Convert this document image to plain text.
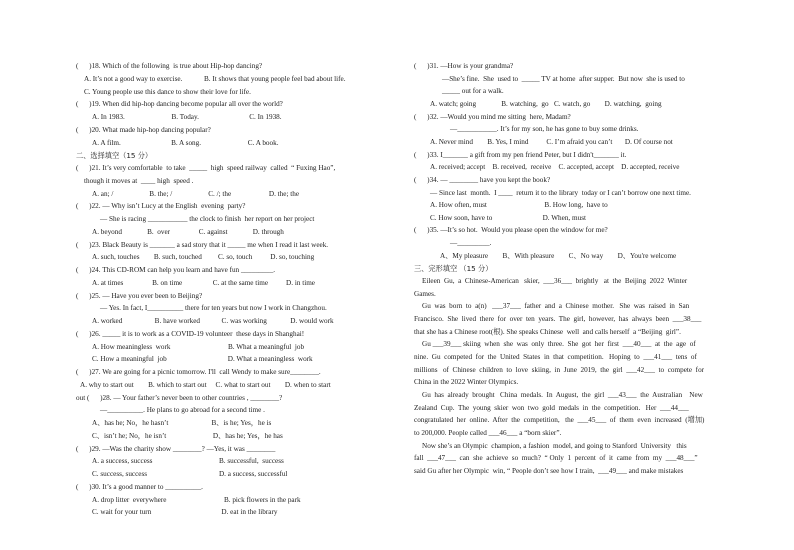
(      )18. Which of the following  is true about Hip-hop dancing?
A. It’s not a good way to exercise.            B. It shows that young people feel bad about life.
C. Young people use this dance to show their love for life.
(      )19. When did hip-hop dancing become popular all over the world?
A. In 1983.                          B. Today.                            C. In 1938.
(      )20. What made hip-hop dancing popular?
A. A film.                            B. A song.                          C. A book.
二、选择填空（15 分）
(      )21. It’s very comfortable  to take  _____  high  speed railway  called  “ Fuxing Hao”,
though it moves at  ____ high  speed .
A. an; /                    B. the; /                    C. /; the                     D. the; the
(      )22. — Why isn’t Lucy at the English  evening  party?
— She is racing ___________ the clock to finish  her report on her project
A. beyond              B.  over                C. against              D. through
(      )23. Black Beauty is _______ a sad story that it _____ me when I read it last week.
A. such, touches        B. such, touched         C. so, touch          D. so, touching
(      )24. This CD-ROM can help you learn and have fun _________.
A. at times                B. on time                 C. at the same time          D. in time
(      )25. — Have you ever been to Beijing?
— Yes. In fact, I__________ there for ten years but now I work in Changzhou.
A. worked                  B. have worked            C. was working             D. would work
(      )26. _____ it is to work as a COVID-19 volunteer  these days in Shanghai!
A. How meaningless  work                                B. What a meaningful  job
C. How a meaningful  job                                  D. What a meaningless  work
(      )27. We are going for a picnic tomorrow. I'll  call Wendy to make sure________.
A. why to start out        B. which to start out     C. what to start out        D. when to start
out (      )28. — Your father’s never been to other countries , ________?
—__________. He plans to go abroad for a second time .
A、has he; No，he hasn’t                        B、is he; Yes，he is
C、isn’t he; No，he isn’t                          D、has he; Yes，he has
(      )29. —Was the charity show ________? —Yes, it was ________
A. a success, success                                     B. successful,  success
C. success, success                                        D. a success, successful
(      )30. It’s a good manner to __________.
A. drop litter  everywhere                                B. pick flowers in the park
C. wait for your turn                                       D. eat in the library
(      )31. —How is your grandma?
—She’s fine.  She  used to  _____ TV at home  after supper.  But now  she is used to
_____ out for a walk.
A. watch; going              B. watching,  go   C. watch, go        D. watching,  going
(      )32. —Would you mind me sitting  here, Madam?
—___________. It’s for my son, he has gone to buy some drinks.
A. Never mind        B. Yes, I mind          C. I’m afraid you can’t       D. Of course not
(      )33. I_______ a gift from my pen friend Peter, but I didn't_______ it.
A. received; accept    B. received,  receive    C. accepted, accept    D. accepted, receive
(      )34. — ________ have you kept the book?
— Since last  month.  I ____  return it to the library  today or I can’t borrow one next time.
A. How often, must                                B. How long,  have to
C. How soon, have to                            D. When, must
(      )35. —It’s so hot.  Would you please open the window for me?
—_________.
A、My pleasure        B、With pleasure        C、No way        D、You're welcome
三、完形填空 （15 分）
Eileen  Gu,  a  Chinese-American   skier,  ___36___  brightly   at  the  Beijing  2022  Winter
Games.
Gu  was  born  to  a(n)   ___37___  father  and  a  Chinese  mother.   She  was  raised  in  San
Francisco.  She  lived  there  for  over  ten  years.  The  girl,  however,  has  always  been  ___38___
that she has a Chinese root(根). She speaks Chinese  well  and calls herself  a “Beijing  girl”.
Gu ___39___ skiing  when  she  was  only  three.  She  got  her  first  ___40___  at  the  age  of
nine.  Gu  competed  for  the  United  States  in  that  competition.   Hoping  to  ___41___  tens  of
millions   of  Chinese  children  to  love  skiing,  in  June  2019,  the  girl  ___42___  to  compete  for
China in the 2022 Winter Olympics.
Gu  has  already  brought   China  medals.  In  August,  the  girl  ___43___  the  Australian    New
Zealand  Cup.  The  young  skier  won  two  gold  medals  in  the  competition.   Her  ___44___
congratulated  her  online.  After  the  competition,   the  ___45___  of  them  even  increased  (增加)
to 200,000. People called ___46___ a “born skier”.
Now she’s an Olympic  champion, a fashion  model, and going to Stanford  University   this
fall  ___47___  can  she  achieve  so  much?  “ Only  1  percent  of  it  came  from  my  ___48___”
said Gu after her Olympic  win, “ People don’t see how I train,  ___49___ and make mistakes
